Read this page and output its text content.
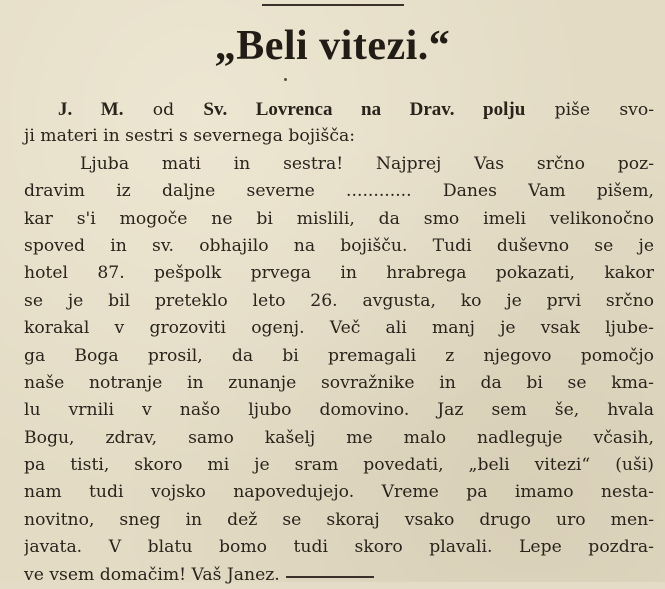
„Beli vitezi.“
J. M. od Sv. Lovrenca na Drav. polju piše svo-
ji materi in sestri s severnega bojišča:
Ljuba mati in sestra! Najprej Vas srčno poz-
dravim iz daljne severne ............ Danes Vam pišem,
kar s'i mogoče ne bi mislili, da smo imeli velikonočno
spoved in sv. obhajilo na bojišču. Tudi duševno se je
hotel 87. pešpolk prvega in hrabrega pokazati, kakor
se je bil preteklo leto 26. avgusta, ko je prvi srčno
korakal v grozoviti ogenj. Več ali manj je vsak ljube-
ga Boga prosil, da bi premagali z njegovo pomočjo
naše notranje in zunanje sovražnike in da bi se kma-
lu vrnili v našo ljubo domovino. Jaz sem še, hvala
Bogu, zdrav, samo kašelj me malo nadleguje včasih,
pa tisti, skoro mi je sram povedati, „beli vitezi“ (uši)
nam tudi vojsko napovedujejo. Vreme pa imamo nesta-
novitno, sneg in dež se skoraj vsako drugo uro men-
javata. V blatu bomo tudi skoro plavali. Lepe pozdra-
ve vsem domačim! Vaš Janez.
